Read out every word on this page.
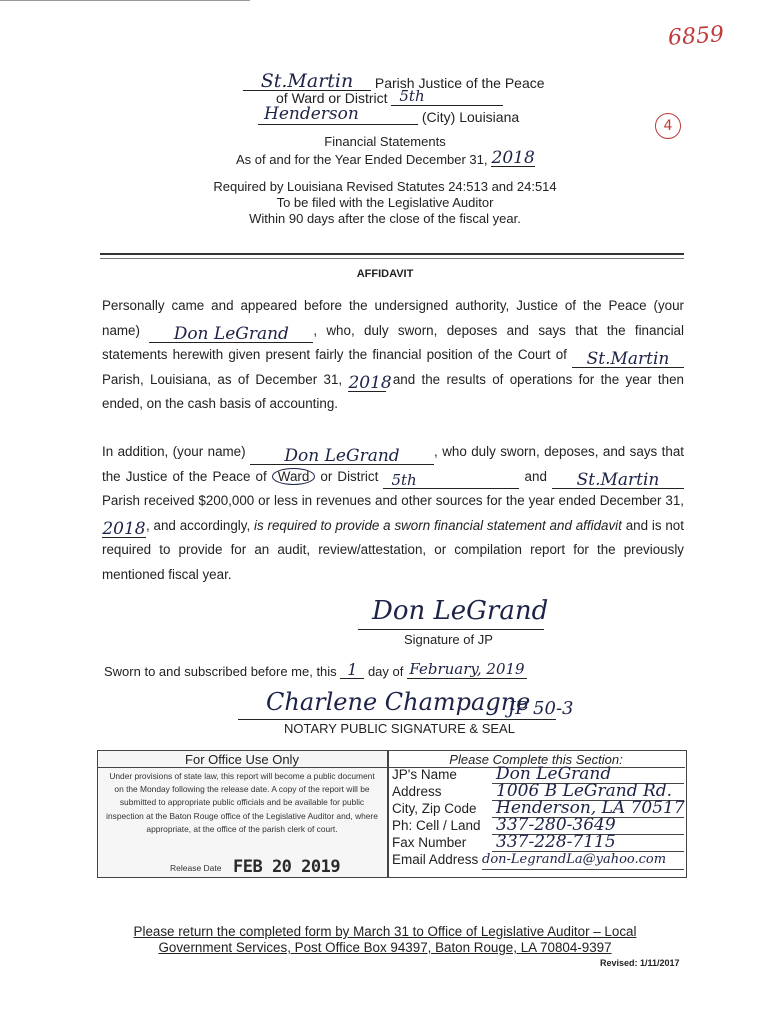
6859
4
St.Martin Parish Justice of the Peace
of Ward or District 5th
Henderson	(City) Louisiana
Financial Statements
As of and for the Year Ended December 31, 2018
Required by Louisiana Revised Statutes 24:513 and 24:514
To be filed with the Legislative Auditor
Within 90 days after the close of the fiscal year.
AFFIDAVIT
Personally came and appeared before the undersigned authority, Justice of the Peace (your name) Don LeGrand , who, duly sworn, deposes and says that the financial statements herewith given present fairly the financial position of the Court of St.Martin Parish, Louisiana, as of December 31, 2018 and the results of operations for the year then ended, on the cash basis of accounting.
In addition, (your name) Don LeGrand	, who duly sworn, deposes, and says that the Justice of the Peace of Ward or District 5th	and St.Martin Parish received $200,000 or less in revenues and other sources for the year ended December 31, 2018, and accordingly, is required to provide a sworn financial statement and affidavit and is not required to provide for an audit, review/attestation, or compilation report for the previously mentioned fiscal year.
Don LeGrand
Signature of JP
Sworn to and subscribed before me, this 1 day of February, 2019
Charlene Champagne
JP 50-3
NOTARY PUBLIC SIGNATURE & SEAL
For Office Use Only
Under provisions of state law, this report will become a public document on the Monday following the release date. A copy of the report will be submitted to appropriate public officials and be available for public inspection at the Baton Rouge office of the Legislative Auditor and, where appropriate, at the office of the parish clerk of court.
Release Date FEB 20 2019
Please Complete this Section:
JP's Name Don LeGrand
Address	1006 B LeGrand Rd.
City, Zip Code Henderson, LA 70517
Ph: Cell / Land 337-280-3649
Fax Number 337-228-7115
Email Address don-LegrandLa@yahoo.com
Please return the completed form by March 31 to Office of Legislative Auditor – Local
Government Services, Post Office Box 94397, Baton Rouge, LA 70804-9397
Revised: 1/11/2017
